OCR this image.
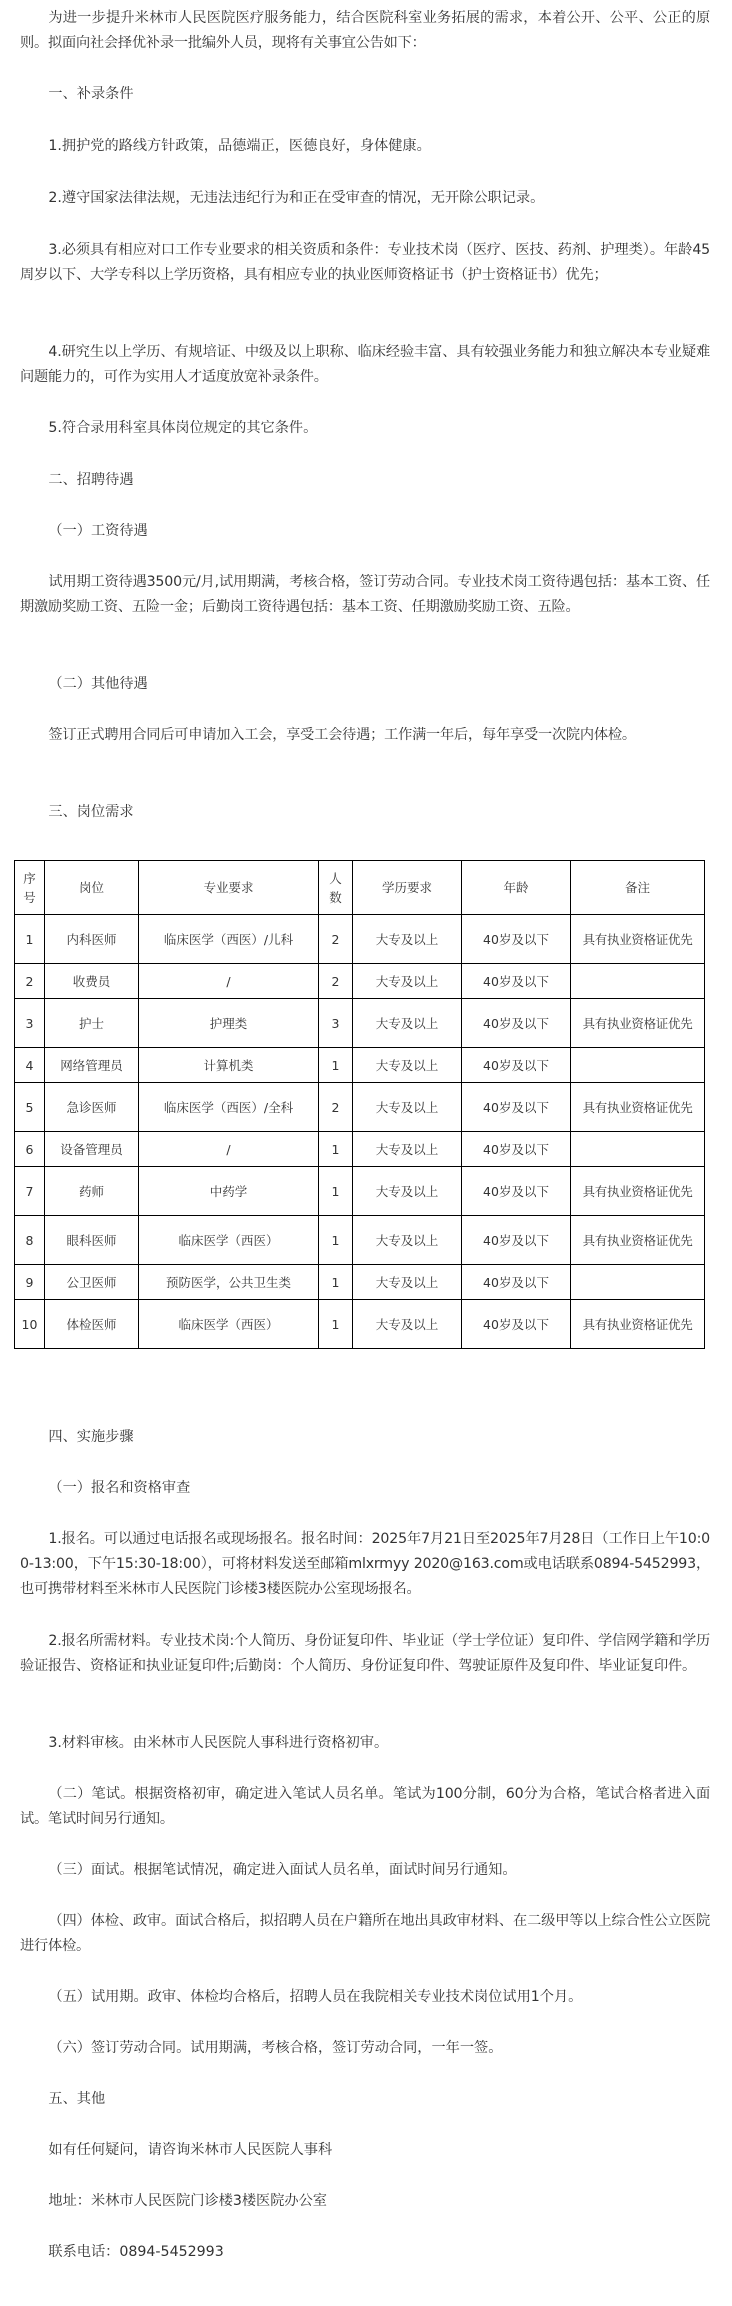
为进一步提升米林市人民医院医疗服务能力，结合医院科室业务拓展的需求，本着公开、公平、公正的原则。拟面向社会择优补录一批编外人员，现将有关事宜公告如下：

一、补录条件

1.拥护党的路线方针政策，品德端正，医德良好，身体健康。

2.遵守国家法律法规，无违法违纪行为和正在受审查的情况，无开除公职记录。

3.必须具有相应对口工作专业要求的相关资质和条件：专业技术岗（医疗、医技、药剂、护理类）。年龄45周岁以下、大学专科以上学历资格，具有相应专业的执业医师资格证书（护士资格证书）优先；

4.研究生以上学历、有规培证、中级及以上职称、临床经验丰富、具有较强业务能力和独立解决本专业疑难问题能力的，可作为实用人才适度放宽补录条件。

5.符合录用科室具体岗位规定的其它条件。

二、招聘待遇

（一）工资待遇

试用期工资待遇3500元/月,试用期满，考核合格，签订劳动合同。专业技术岗工资待遇包括：基本工资、任期激励奖励工资、五险一金；后勤岗工资待遇包括：基本工资、任期激励奖励工资、五险。

（二）其他待遇

签订正式聘用合同后可申请加入工会，享受工会待遇；工作满一年后，每年享受一次院内体检。

三、岗位需求

序号	岗位	专业要求	人数	学历要求	年龄	备注
1	内科医师	临床医学（西医）/儿科	2	大专及以上	40岁及以下	具有执业资格证优先
2	收费员	/	2	大专及以上	40岁及以下	
3	护士	护理类	3	大专及以上	40岁及以下	具有执业资格证优先
4	网络管理员	计算机类	1	大专及以上	40岁及以下	
5	急诊医师	临床医学（西医）/全科	2	大专及以上	40岁及以下	具有执业资格证优先
6	设备管理员	/	1	大专及以上	40岁及以下	
7	药师	中药学	1	大专及以上	40岁及以下	具有执业资格证优先
8	眼科医师	临床医学（西医）	1	大专及以上	40岁及以下	具有执业资格证优先
9	公卫医师	预防医学，公共卫生类	1	大专及以上	40岁及以下	
10	体检医师	临床医学（西医）	1	大专及以上	40岁及以下	具有执业资格证优先

四、实施步骤

（一）报名和资格审查

1.报名。可以通过电话报名或现场报名。报名时间：2025年7月21日至2025年7月28日（工作日上午10:00-13:00，下午15:30-18:00），可将材料发送至邮箱mlxrmyy 2020@163.com或电话联系0894-5452993，也可携带材料至米林市人民医院门诊楼3楼医院办公室现场报名。

2.报名所需材料。专业技术岗:个人简历、身份证复印件、毕业证（学士学位证）复印件、学信网学籍和学历验证报告、资格证和执业证复印件;后勤岗：个人简历、身份证复印件、驾驶证原件及复印件、毕业证复印件。

3.材料审核。由米林市人民医院人事科进行资格初审。

（二）笔试。根据资格初审，确定进入笔试人员名单。笔试为100分制，60分为合格，笔试合格者进入面试。笔试时间另行通知。

（三）面试。根据笔试情况，确定进入面试人员名单，面试时间另行通知。

（四）体检、政审。面试合格后，拟招聘人员在户籍所在地出具政审材料、在二级甲等以上综合性公立医院进行体检。

（五）试用期。政审、体检均合格后，招聘人员在我院相关专业技术岗位试用1个月。

（六）签订劳动合同。试用期满，考核合格，签订劳动合同，一年一签。

五、其他

如有任何疑问，请咨询米林市人民医院人事科

地址：米林市人民医院门诊楼3楼医院办公室

联系电话：0894-5452993
